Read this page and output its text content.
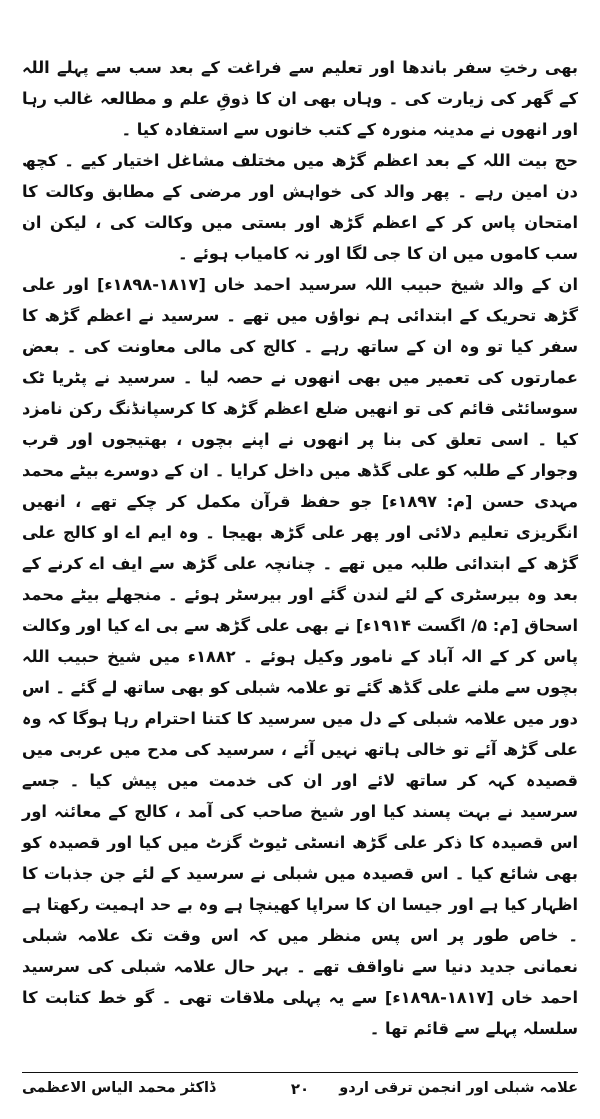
بھی رختِ سفر باندھا اور تعلیم سے فراغت کے بعد سب سے پہلے اللہ کے گھر کی زیارت کی ۔ وہاں بھی ان کا ذوقِ علم و مطالعہ غالب رہا اور انھوں نے مدینہ منورہ کے کتب خانوں سے استفادہ کیا ۔

حج بیت اللہ کے بعد اعظم گڑھ میں مختلف مشاغل اختیار کیے ۔ کچھ دن امین رہے ۔ پھر والد کی خواہش اور مرضی کے مطابق وکالت کا امتحان پاس کر کے اعظم گڑھ اور بستی میں وکالت کی ، لیکن ان سب کاموں میں ان کا جی لگا اور نہ کامیاب ہوئے ۔

ان کے والد شیخ حبیب اللہ سرسید احمد خاں [۱۸۱۷-۱۸۹۸ء] اور علی گڑھ تحریک کے ابتدائی ہم نواؤں میں تھے ۔ سرسید نے اعظم گڑھ کا سفر کیا تو وہ ان کے ساتھ رہے ۔ کالج کی مالی معاونت کی ۔ بعض عمارتوں کی تعمیر میں بھی انھوں نے حصہ لیا ۔ سرسید نے پٹریا ٹک سوسائٹی قائم کی تو انھیں ضلع اعظم گڑھ کا کرسپانڈنگ رکن نامزد کیا ۔ اسی تعلق کی بنا پر انھوں نے اپنے بچوں ، بھتیجوں اور قرب وجوار کے طلبہ کو علی گڈھ میں داخل کرایا ۔ ان کے دوسرے بیٹے محمد مہدی حسن [م: ۱۸۹۷ء] جو حفظ قرآن مکمل کر چکے تھے ، انھیں انگریزی تعلیم دلائی اور پھر علی گڑھ بھیجا ۔ وہ ایم اے او کالج علی گڑھ کے ابتدائی طلبہ میں تھے ۔ چنانچہ علی گڑھ سے ایف اے کرنے کے بعد وہ بیرسٹری کے لئے لندن گئے اور بیرسٹر ہوئے ۔ منجھلے بیٹے محمد اسحاق [م: ۵/ اگست ۱۹۱۴ء] نے بھی علی گڑھ سے بی اے کیا اور وکالت پاس کر کے الہ آباد کے نامور وکیل ہوئے ۔ ۱۸۸۲ء میں شیخ حبیب اللہ بچوں سے ملنے علی گڈھ گئے تو علامہ شبلی کو بھی ساتھ لے گئے ۔ اس دور میں علامہ شبلی کے دل میں سرسید کا کتنا احترام رہا ہوگا کہ وہ علی گڑھ آئے تو خالی ہاتھ نہیں آئے ، سرسید کی مدح میں عربی میں قصیدہ کہہ کر ساتھ لائے اور ان کی خدمت میں پیش کیا ۔ جسے سرسید نے بہت پسند کیا اور شیخ صاحب کی آمد ، کالج کے معائنہ اور اس قصیدہ کا ذکر علی گڑھ انسٹی ٹیوٹ گزٹ میں کیا اور قصیدہ کو بھی شائع کیا ۔ اس قصیدہ میں شبلی نے سرسید کے لئے جن جذبات کا اظہار کیا ہے اور جیسا ان کا سراپا کھینچا ہے وہ بے حد اہمیت رکھتا ہے ۔ خاص طور پر اس پس منظر میں کہ اس وقت تک علامہ شبلی نعمانی جدید دنیا سے ناواقف تھے ۔ بہر حال علامہ شبلی کی سرسید احمد خاں [۱۸۱۷-۱۸۹۸ء] سے یہ پہلی ملاقات تھی ۔ گو خط کتابت کا سلسلہ پہلے سے قائم تھا ۔

علامہ شبلی اور انجمن ترقی اردو
۲۰
ڈاکٹر محمد الیاس الاعظمی
